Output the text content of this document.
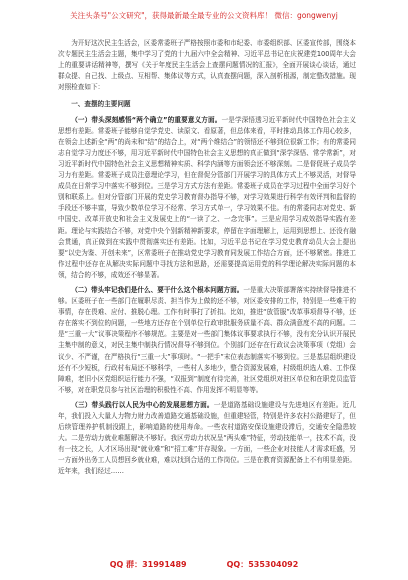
关注头条号"公文研究"，获得最新最全最专业的公文资料库！ 微信：gongwenyj

为开好这次民主生活会，区委常委班子严格按照市委和市纪委、市委组织部、区委宣传部，围绕本次专题民主生活会主题，集中学习了党的十九届六中全会精神、习近平总书记在庆祝建党100周年大会上的重要讲话精神等，撰写《关于年度民主生活会上查摆问题情况的汇报》，全面开展谈心谈话，通过群众提、自己找、上级点、互相帮、集体议等方式，认真查摆问题，深入剖析根源，制定整改措施。现对照检查如下：

一、查摆的主要问题

（一）带头深刻感悟“两个确立”的重要意义方面。一是学深悟透习近平新时代中国特色社会主义思想有差距。常委班子能够自觉学党史、读原文、看原著，但总体来看，平时推动具体工作用心较多，在领会上述新全“两”的尚未和“结”的结合上，对“两个维结合”的领悟还不够到位很新工作；有的常委同志自觉学习力度还不够，用习近平新时代中国特色社会主义思想的真正做到“深学深悟、常学常新”，对习近平新时代中国特色社会主义思想精神实质、科学内涵等方面领会还不够深刻。二是督促班子成员学习力有差距。常委班子成员注意理论学习，但在督促分管部门开展学习的具体方式上不够灵活，对督导成员在日常学习中落实不够到位。三是学习方式方法有差距。常委班子成员在学习过程中全面学习好个别和联系上。但对分管部门开展的党史学习教育督办指导不够，对学习效果进行科学有效评判和监督的手段还不够丰富，导致少数单位学习不经常、学习方式单一，学习效果不佳。有的常委同志对党史、新中国史、改革开放史和社会主义发展史上的“一读了之、一念完事”。三是应用学习成效指导实践有差距。理论与实践结合不够，对党中央个别新精神新要求，停留在字面理解上，运用到思想上、还没有融会贯通，真正做到在实践中贯彻落实还有差距。比如，习近平总书记在学习党史教育动员大会上提出要“以史为鉴、开创未来”，区常委班子在推动党史学习教育同发展工作结合方面，还不够紧密。推进工作过程中还存在从解决实际问题中寻找方法和思路，还需要提高运用党的科学理论解决实际问题的本领，结合的不够，成效还不够显著。

（二）带头牢记我们是什么、要干什么这个根本问题方面。一是重大决策部署落实持续督导推进不够。区委班子在一些部门在履职尽责、担当作为上做的还不够，对区委安排的工作，特别是一些难干的事情，存在畏难、应付、推脱心理。工作有时事打了折扣。比如，推进“放管服”改革事项督导不够，还存在落实不到位的问题，一些地方还存在个别单位行政审批服务质量不高、群众满意度不高的问题。二是“三重一大”议事决策程序不够规范。主要是对一些部门集体议事要求执行不够，没有充分认识开展民主集中制的意义，对民主集中制执行情况督导不够到位。个别部门还存在行政议会决策事项（党组）会议少、不严谨，在严格执行“三重一大”事项时。“一把手”末位表态制落实不够到位。三是基层组织建设还有不少短板，行政村布局还不够科学，一些村人多地少，整合资源发展难，村级组织选人难、工作保障难，老旧小区党组织运行能力不强，“双报到”制度有待完善，社区党组织对驻区单位和在职党员监管不够，对在职党员参与社区治理的积极性不高、作用发挥不明显等等。

（三）带头践行以人民为中心的发展思想方面。一是道路基础设施建设与先进地区有差距。近几年，我们投入大量人力物力财力改善道路交通基础设施，但重建轻管，特别是许多农村公路建好了，但后续管理养护机制没跟上，影响道路的使用寿命。一些农村道路安保设施建设滞后，交通安全隐患较大。二是劳动力就业难题解决不够好。我区劳动力状况呈“两头难”特征，劳动技能单一，技术不高，没有一技之长，人才区场出现“就业难”和“招工难”并存现象。一方面，一些企业对技能人才需求旺盛，另一方面外出务工人员想回乡就业难，难以找到合适的工作岗位。三是在教育资源配备上不有明显差距。近年来，我们经过……

QQ 群：31991489	QQ：535304092
